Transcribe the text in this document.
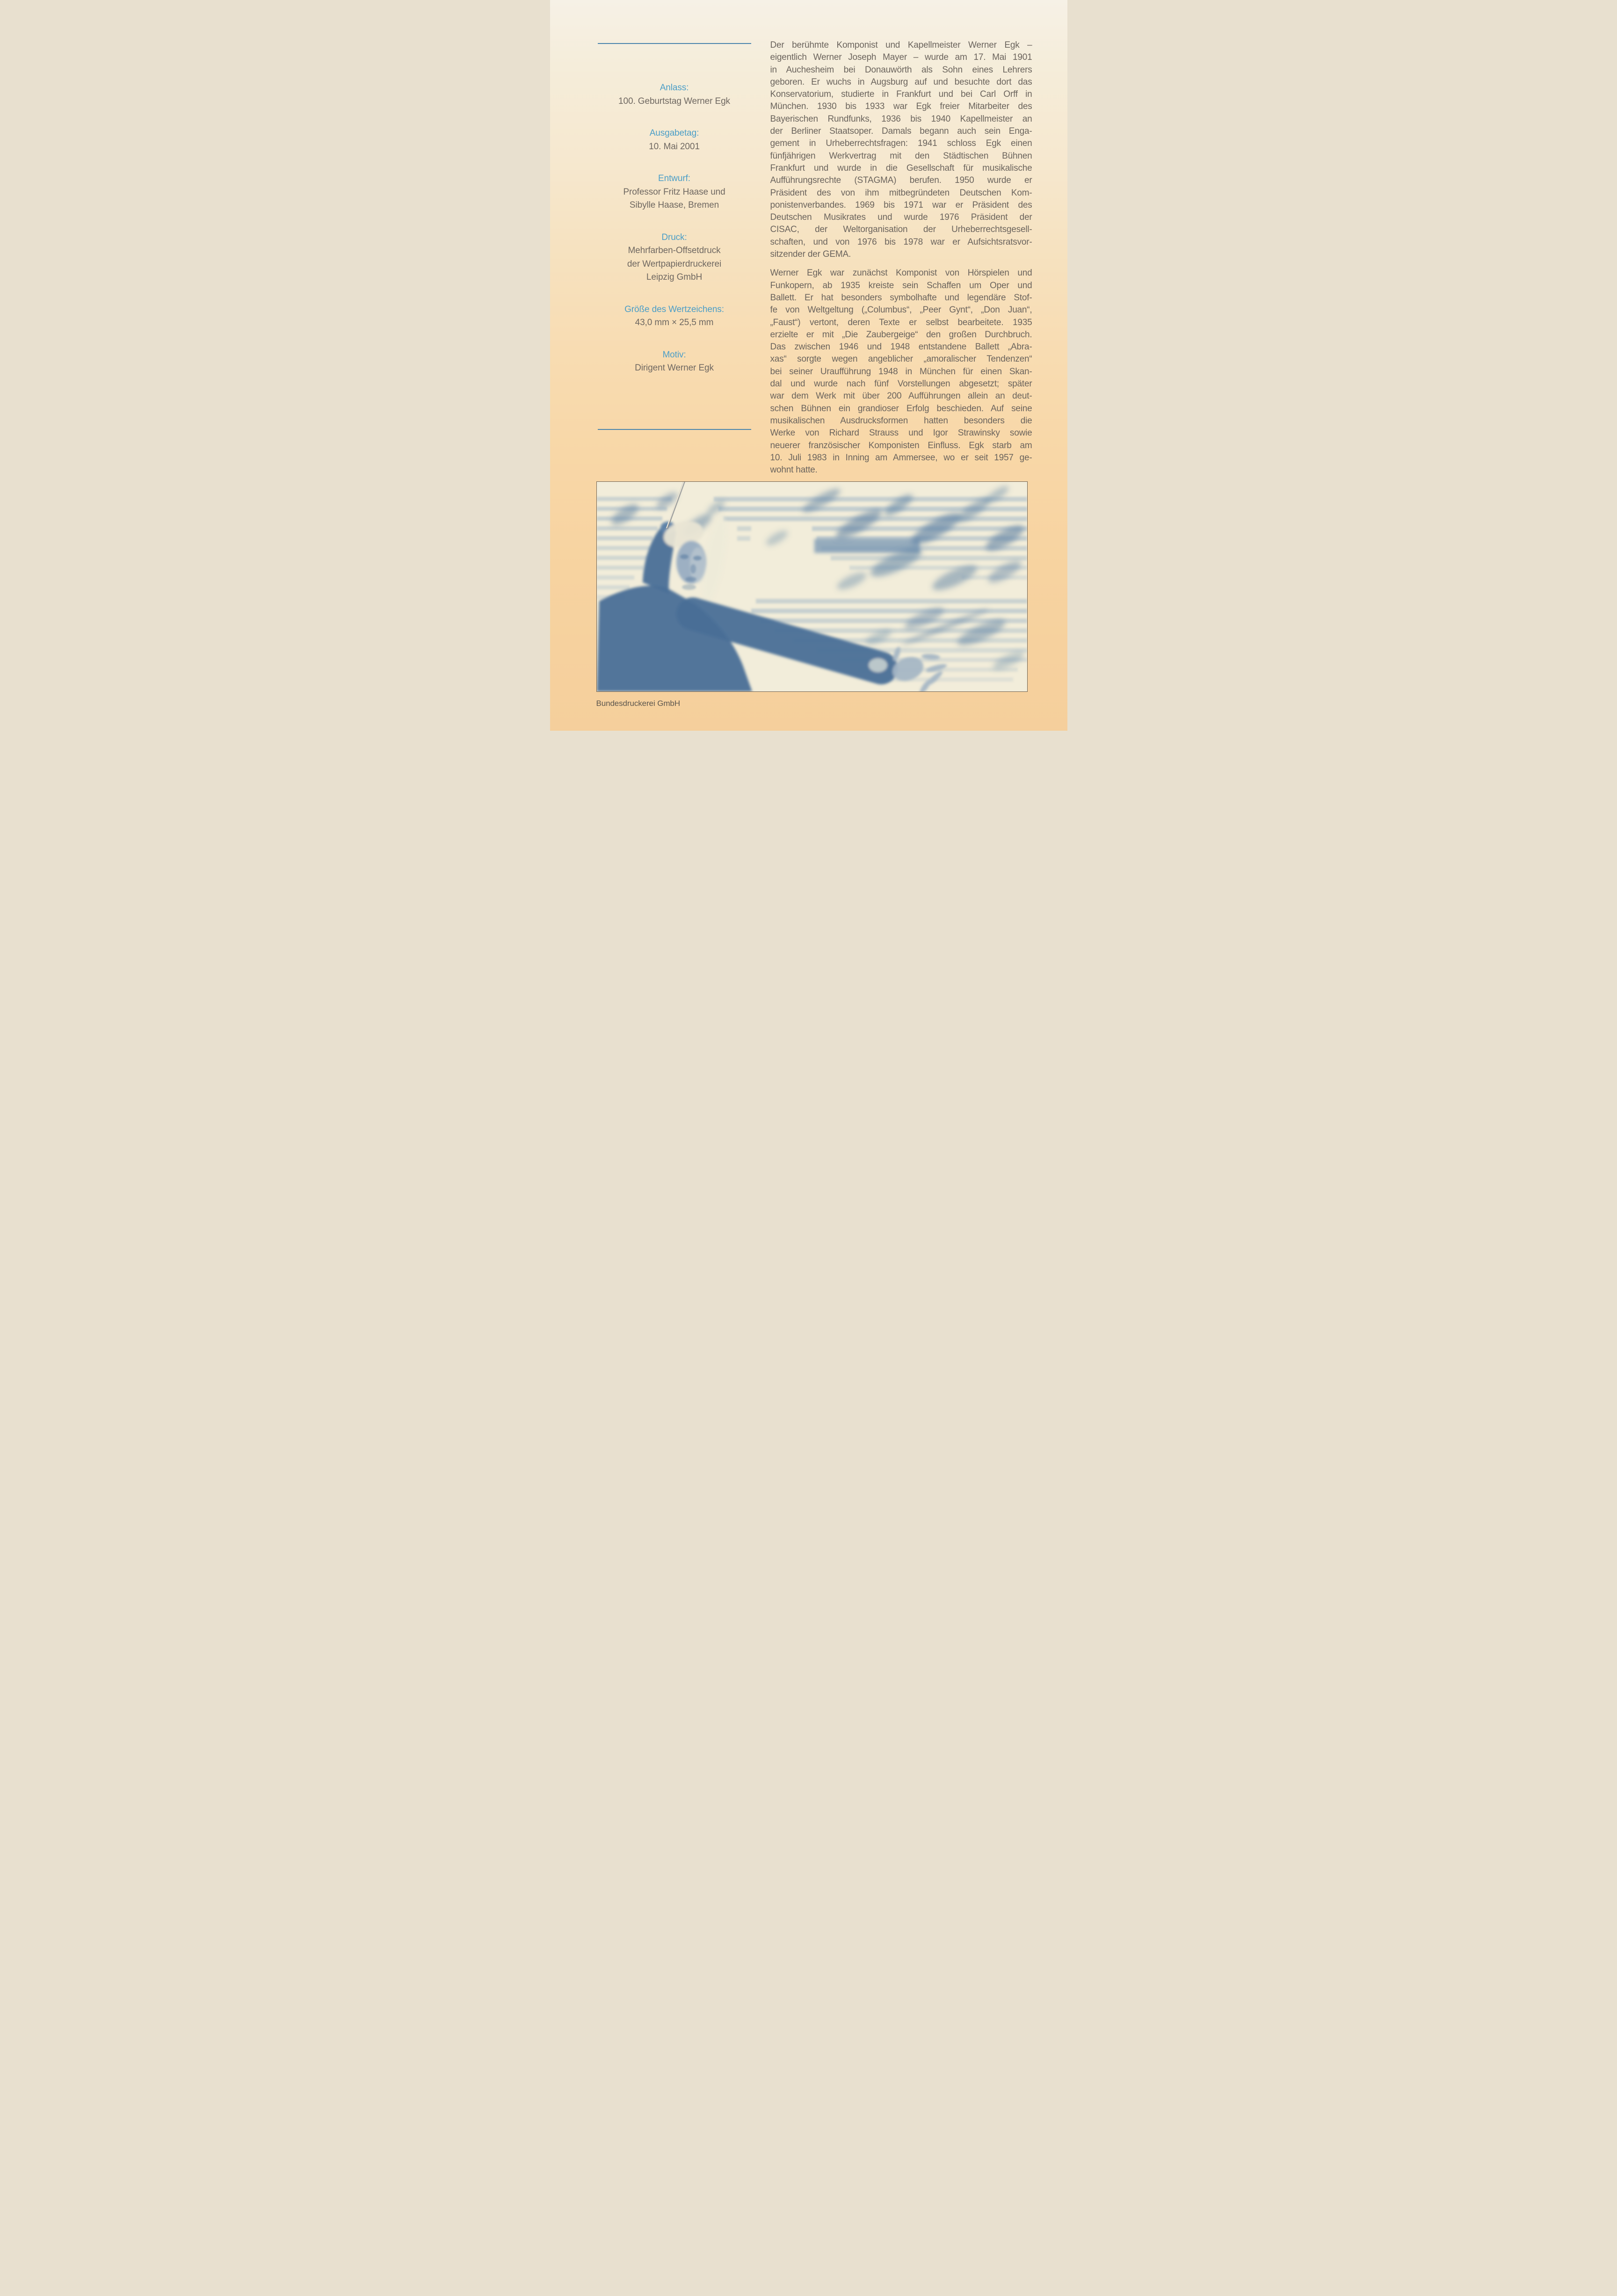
Anlass:
100. Geburtstag Werner Egk
Ausgabetag:
10. Mai 2001
Entwurf:
Professor Fritz Haase und
Sibylle Haase, Bremen
Druck:
Mehrfarben-Offsetdruck
der Wertpapierdruckerei
Leipzig GmbH
Größe des Wertzeichens:
43,0 mm × 25,5 mm
Motiv:
Dirigent Werner Egk
Der berühmte Komponist und Kapellmeister Werner Egk –
eigentlich Werner Joseph Mayer – wurde am 17. Mai 1901
in Auchesheim bei Donauwörth als Sohn eines Lehrers
geboren. Er wuchs in Augsburg auf und besuchte dort das
Konservatorium, studierte in Frankfurt und bei Carl Orff in
München. 1930 bis 1933 war Egk freier Mitarbeiter des
Bayerischen Rundfunks, 1936 bis 1940 Kapellmeister an
der Berliner Staatsoper. Damals begann auch sein Enga-
gement in Urheberrechtsfragen: 1941 schloss Egk einen
fünfjährigen Werkvertrag mit den Städtischen Bühnen
Frankfurt und wurde in die Gesellschaft für musikalische
Aufführungsrechte (STAGMA) berufen. 1950 wurde er
Präsident des von ihm mitbegründeten Deutschen Kom-
ponistenverbandes. 1969 bis 1971 war er Präsident des
Deutschen Musikrates und wurde 1976 Präsident der
CISAC, der Weltorganisation der Urheberrechtsgesell-
schaften, und von 1976 bis 1978 war er Aufsichtsratsvor-
sitzender der GEMA.
Werner Egk war zunächst Komponist von Hörspielen und
Funkopern, ab 1935 kreiste sein Schaffen um Oper und
Ballett. Er hat besonders symbolhafte und legendäre Stof-
fe von Weltgeltung („Columbus“, „Peer Gynt“, „Don Juan“,
„Faust“) vertont, deren Texte er selbst bearbeitete. 1935
erzielte er mit „Die Zaubergeige“ den großen Durchbruch.
Das zwischen 1946 und 1948 entstandene Ballett „Abra-
xas“ sorgte wegen angeblicher „amoralischer Tendenzen“
bei seiner Uraufführung 1948 in München für einen Skan-
dal und wurde nach fünf Vorstellungen abgesetzt; später
war dem Werk mit über 200 Aufführungen allein an deut-
schen Bühnen ein grandioser Erfolg beschieden. Auf seine
musikalischen Ausdrucksformen hatten besonders die
Werke von Richard Strauss und Igor Strawinsky sowie
neuerer französischer Komponisten Einfluss. Egk starb am
10. Juli 1983 in Inning am Ammersee, wo er seit 1957 ge-
wohnt hatte.
Bundesdruckerei GmbH
